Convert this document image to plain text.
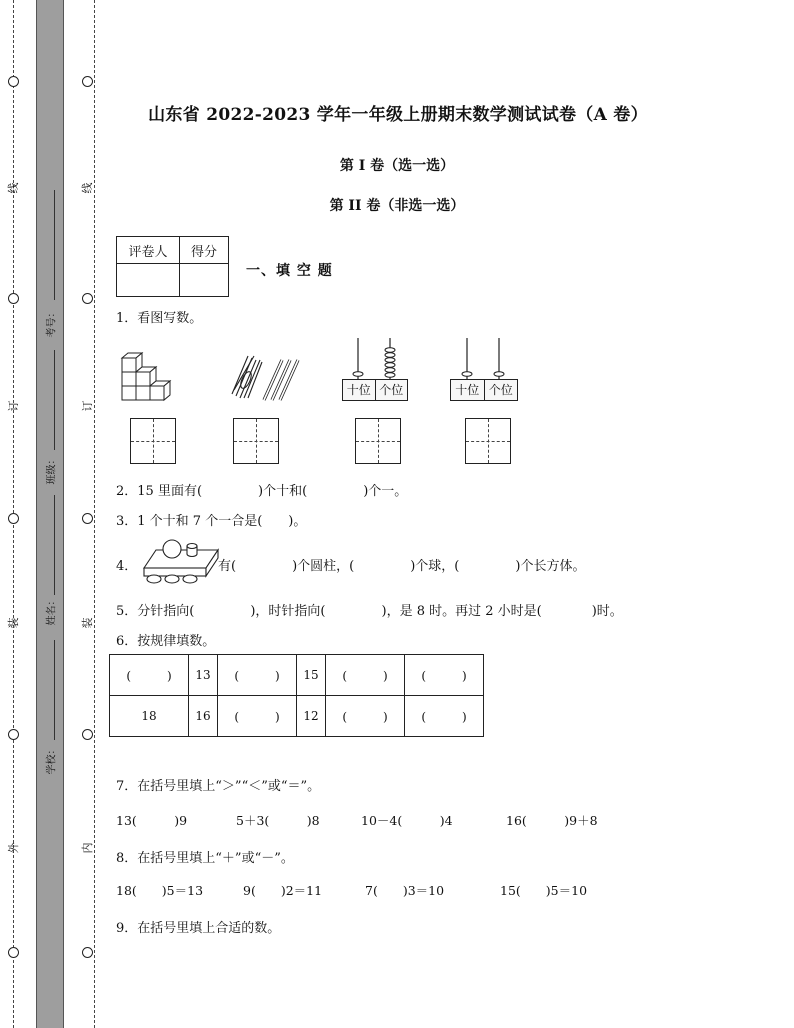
线
订
装
外
线
订
装
内
考号：
班级：
姓名：
学校：
山东省 2022-2023 学年一年级上册期末数学测试试卷（A 卷）
第 I 卷（选一选）
第 II 卷（非选一选）
评卷人	得分

一、填 空 题
1．看图写数。
十位 个位	十位 个位
2．15 里面有(	)个十和(	)个一。
3．1 个十和 7 个一合是( )。
4．	有(	)个圆柱，(	)个球，(	)个长方体。
5．分针指向(	)，时针指向(	)，是 8 时。再过 2 小时是(	)时。
6．按规律填数。
(　　　)	13	(　　　)	15	(　　　)	(　　　)
18	16	(　　　)	12	(　　　)	(　　　)
7．在括号里填上“＞”“＜”或“＝”。
13(　　　)9	5＋3(　　　)8	10－4(　　　)4	16(　　　)9＋8
8．在括号里填上“＋”或“－”。
18(　　)5＝13	9(　　)2＝11	7(　　)3＝10	15(　　)5＝10
9．在括号里填上合适的数。
